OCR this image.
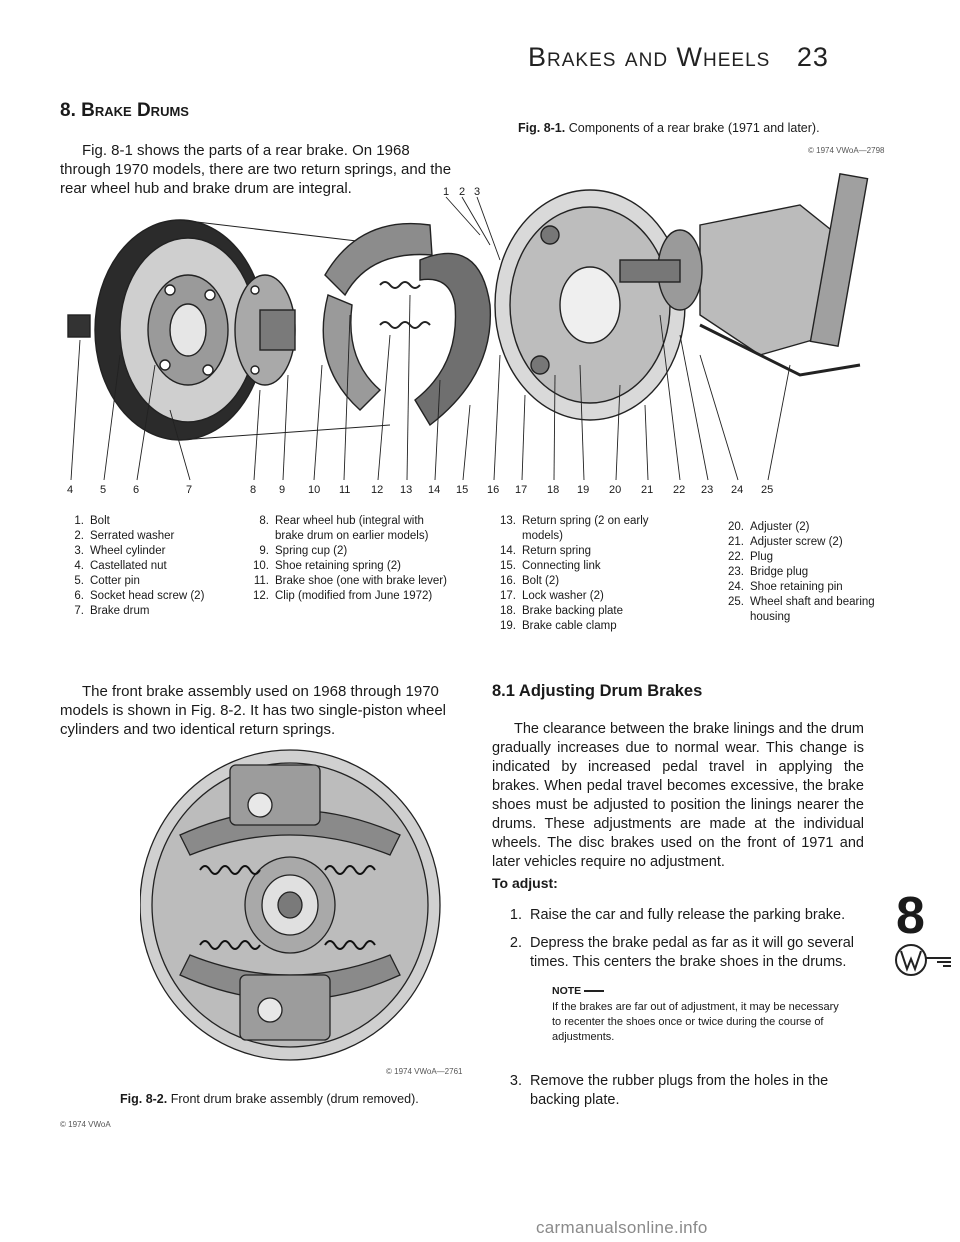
Brakes and Wheels 23
8. Brake Drums
Fig. 8-1 shows the parts of a rear brake. On 1968 through 1970 models, there are two return springs, and the rear wheel hub and brake drum are integral.
Fig. 8-1. Components of a rear brake (1971 and later).
© 1974 VWoA—2798
1 2 3
4 5 6	7	8 9 10 11 12 13 14 15 16 17 18 19 20 21 22 23 24 25
1. Bolt
2. Serrated washer
3. Wheel cylinder
4. Castellated nut
5. Cotter pin
6. Socket head screw (2)
7. Brake drum
8. Rear wheel hub (integral with brake drum on earlier models)
9. Spring cup (2)
10. Shoe retaining spring (2)
11. Brake shoe (one with brake lever)
12. Clip (modified from June 1972)
13. Return spring (2 on early models)
14. Return spring
15. Connecting link
16. Bolt (2)
17. Lock washer (2)
18. Brake backing plate
19. Brake cable clamp
20. Adjuster (2)
21. Adjuster screw (2)
22. Plug
23. Bridge plug
24. Shoe retaining pin
25. Wheel shaft and bearing housing
The front brake assembly used on 1968 through 1970 models is shown in Fig. 8-2. It has two single-piston wheel cylinders and two identical return springs.
© 1974 VWoA—2761
Fig. 8-2. Front drum brake assembly (drum removed).
© 1974 VWoA
8.1 Adjusting Drum Brakes
The clearance between the brake linings and the drum gradually increases due to normal wear. This change is indicated by increased pedal travel in applying the brakes. When pedal travel becomes excessive, the brake shoes must be adjusted to position the linings nearer the drums. These adjustments are made at the individual wheels. The disc brakes used on the front of 1971 and later vehicles require no adjustment.
To adjust:
1. Raise the car and fully release the parking brake.
2. Depress the brake pedal as far as it will go several times. This centers the brake shoes in the drums.
NOTE
If the brakes are far out of adjustment, it may be necessary to recenter the shoes once or twice during the course of adjustments.
3. Remove the rubber plugs from the holes in the backing plate.
8
carmanualsonline.info
